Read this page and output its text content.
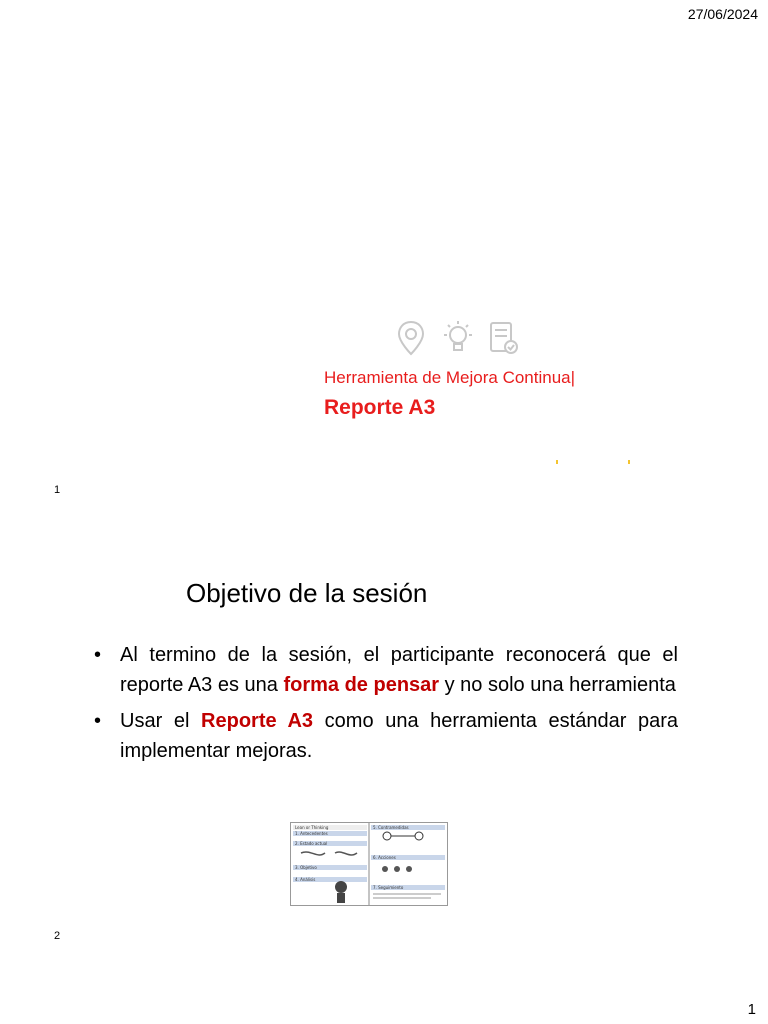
27/06/2024
Herramienta de Mejora Continua|
Reporte A3
1
Objetivo de la sesión
• Al termino de la sesión, el participante reconocerá que el reporte A3 es una forma de pensar y no solo una herramienta
• Usar el Reporte A3 como una herramienta estándar para implementar mejoras.
Lean or Thinking
1. Antecedentes
2. Estado actual
3. Objetivo
4. Análisis
5. Contramedidas
6. Acciones
7. Seguimiento
2
1
